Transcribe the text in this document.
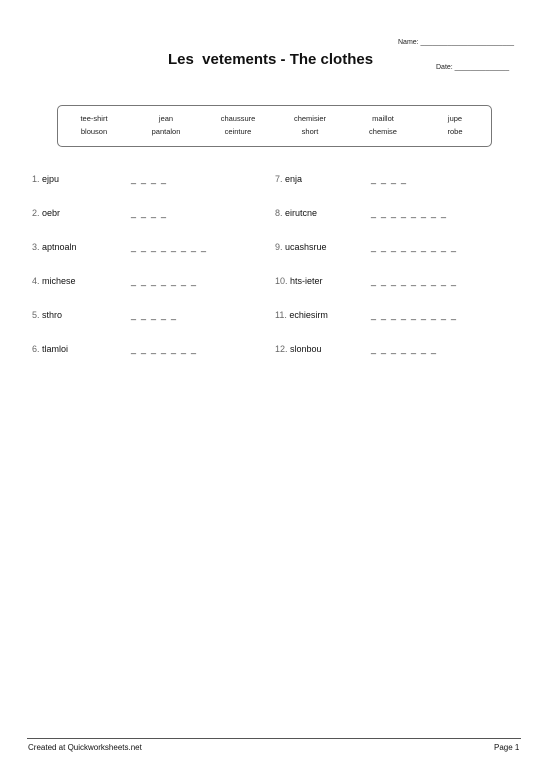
Name: ________________________
Les  vetements - The clothes	Date: ______________
tee-shirt	jean	chaussure	chemisier	maillot	jupe
blouson	pantalon	ceinture	short	chemise	robe
1. ejpu	_  _  _  _
2. oebr	_  _  _  _
3. aptnoaln	_  _  _  _  _  _  _  _
4. michese	_  _  _  _  _  _  _
5. sthro	_  _  _  _  _
6. tlamloi	_  _  _  _  _  _  _
7. enja	_  _  _  _
8. eirutcne	_  _  _  _  _  _  _  _
9. ucashsrue	_  _  _  _  _  _  _  _  _
10. hts-ieter	_  _  _  _  _  _  _  _  _
11. echiesirm	_  _  _  _  _  _  _  _  _
12. slonbou	_  _  _  _  _  _  _
Created at Quickworksheets.net	Page 1
